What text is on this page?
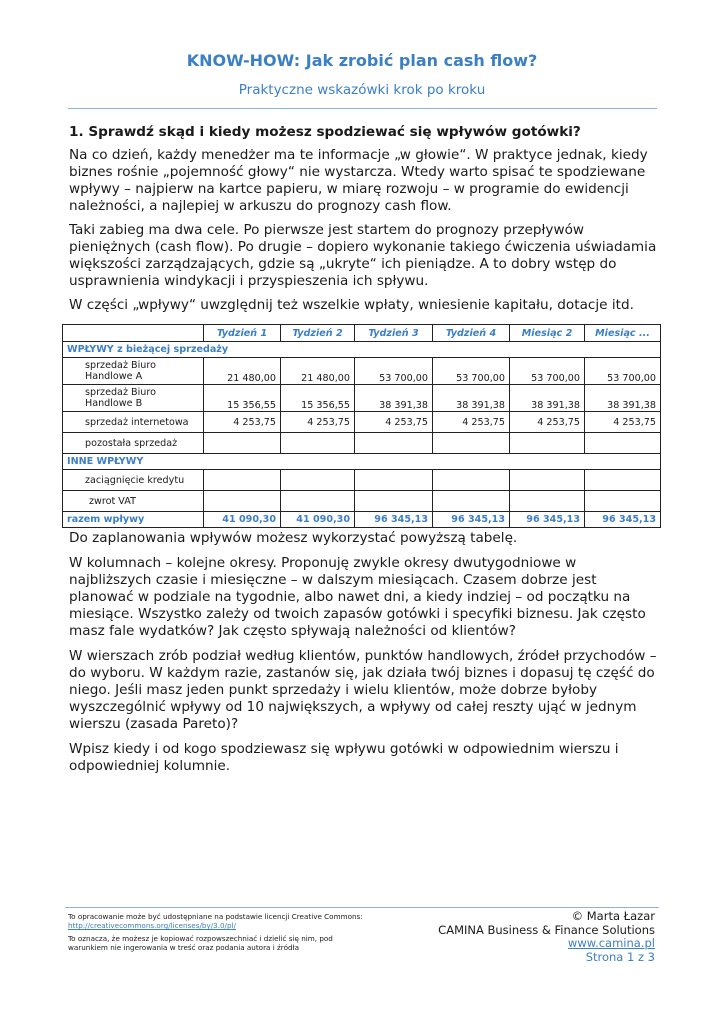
KNOW-HOW: Jak zrobić plan cash flow?
Praktyczne wskazówki krok po kroku
1. Sprawdź skąd i kiedy możesz spodziewać się wpływów gotówki?

Na co dzień, każdy menedżer ma te informacje „w głowie“. W praktyce jednak, kiedy biznes rośnie „pojemność głowy“ nie wystarcza. Wtedy warto spisać te spodziewane wpływy – najpierw na kartce papieru, w miarę rozwoju – w programie do ewidencji należności, a najlepiej w arkuszu do prognozy cash flow.

Taki zabieg ma dwa cele. Po pierwsze jest startem do prognozy przepływów pieniężnych (cash flow). Po drugie – dopiero wykonanie takiego ćwiczenia uświadamia większości zarządzających, gdzie są „ukryte“ ich pieniądze. A to dobry wstęp do usprawnienia windykacji i przyspieszenia ich spływu.

W części „wpływy“ uwzględnij też wszelkie wpłaty, wniesienie kapitału, dotacje itd.

	Tydzień 1	Tydzień 2	Tydzień 3	Tydzień 4	Miesiąc 2	Miesiąc ...
WPŁYWY z bieżącej sprzedaży						
sprzedaż Biuro
Handlowe A	21 480,00	21 480,00	53 700,00	53 700,00	53 700,00	53 700,00
sprzedaż Biuro
Handlowe B	15 356,55	15 356,55	38 391,38	38 391,38	38 391,38	38 391,38
sprzedaż internetowa	4 253,75	4 253,75	4 253,75	4 253,75	4 253,75	4 253,75
pozostała sprzedaż						
INNE WPŁYWY						
zaciągnięcie kredytu						
zwrot VAT						
razem wpływy	41 090,30	41 090,30	96 345,13	96 345,13	96 345,13	96 345,13

Do zaplanowania wpływów możesz wykorzystać powyższą tabelę.

W kolumnach – kolejne okresy. Proponuję zwykle okresy dwutygodniowe w najbliższych czasie i miesięczne – w dalszym miesiącach. Czasem dobrze jest planować w podziale na tygodnie, albo nawet dni, a kiedy indziej – od początku na miesiące. Wszystko zależy od twoich zapasów gotówki i specyfiki biznesu. Jak często masz fale wydatków? Jak często spływają należności od klientów?

W wierszach zrób podział według klientów, punktów handlowych, źródeł przychodów – do wyboru. W każdym razie, zastanów się, jak działa twój biznes i dopasuj tę część do niego. Jeśli masz jeden punkt sprzedaży i wielu klientów, może dobrze byłoby wyszczególnić wpływy od 10 największych, a wpływy od całej reszty ująć w jednym wierszu (zasada Pareto)?

Wpisz kiedy i od kogo spodziewasz się wpływu gotówki w odpowiednim wierszu i odpowiedniej kolumnie.

To opracowanie może być udostępniane na podstawie licencji Creative Commons: http://creativecommons.org/licenses/by/3.0/pl/

To oznacza, że możesz je kopiować rozpowszechniać i dzielić się nim, pod warunkiem nie ingerowania w treść oraz podania autora i źródła

© Marta Łazar
CAMINA Business & Finance Solutions
www.camina.pl
Strona 1 z 3
